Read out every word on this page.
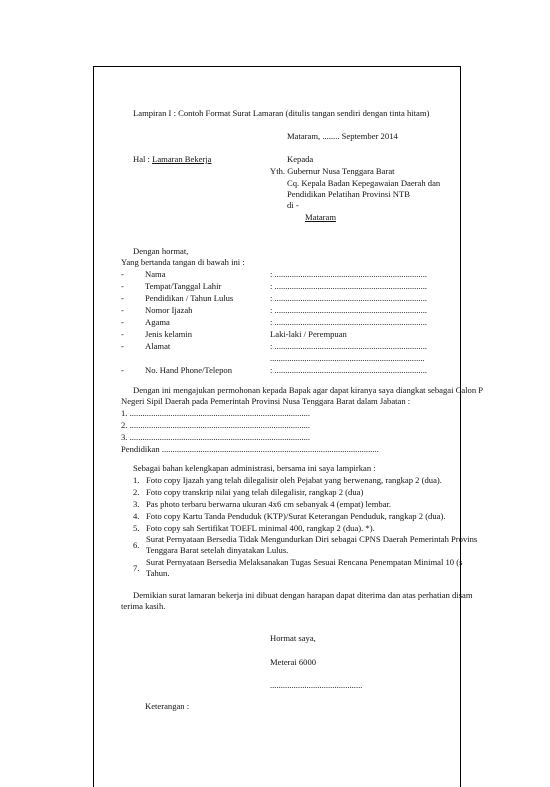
Lampiran I : Contoh Format Surat Lamaran (ditulis tangan sendiri dengan tinta hitam)
Mataram, ........ September 2014
Hal : Lamaran Bekerja	Kepada
Yth. Gubernur Nusa Tenggara Barat
Cq. Kepala Badan Kepegawaian Daerah dan
Pendidikan Pelatihan Provinsi NTB
di -
Mataram
Dengan hormat,
Yang bertanda tangan di bawah ini :
- Nama	: .......................................................................
- Tempat/Tanggal Lahir	: .......................................................................
- Pendidikan / Tahun Lulus	: .......................................................................
- Nomor Ijazah	: .......................................................................
- Agama	: .......................................................................
- Jenis kelamin	Laki-laki / Perempuan
- Alamat	: .......................................................................
........................................................................
- No. Hand Phone/Telepon	: .......................................................................
Dengan ini mengajukan permohonan kepada Bapak agar dapat kiranya saya diangkat sebagai Calon P
Negeri Sipil Daerah pada Pemerintah Provinsi Nusa Tenggara Barat dalam Jabatan :
1. ....................................................................................
2. ....................................................................................
3. ....................................................................................
Pendidikan .....................................................................................................
Sebagai bahan kelengkapan administrasi, bersama ini saya lampirkan :
1. Foto copy Ijazah yang telah dilegalisir oleh Pejabat yang berwenang, rangkap 2 (dua).
2. Foto copy transkrip nilai yang telah dilegalisir, rangkap 2 (dua)
3. Pas photo terbaru berwarna ukuran 4x6 cm sebanyak 4 (empat) lembar.
4. Foto copy Kartu Tanda Penduduk (KTP)/Surat Keterangan Penduduk, rangkap 2 (dua).
5. Foto copy sah Sertifikat TOEFL minimal 400, rangkap 2 (dua). *).
6.
Surat Pernyataan Bersedia Tidak Mengundurkan Diri sebagai CPNS Daerah Pemerintah Provins
Tenggara Barat setelah dinyatakan Lulus.
7.
Surat Pernyataan Bersedia Melaksanakan Tugas Sesuai Rencana Penempatan Minimal 10 (s
Tahun.
Demikian surat lamaran bekerja ini dibuat dengan harapan dapat diterima dan atas perhatian disam
terima kasih.
Hormat saya,
Meterai 6000
...........................................
Keterangan :
